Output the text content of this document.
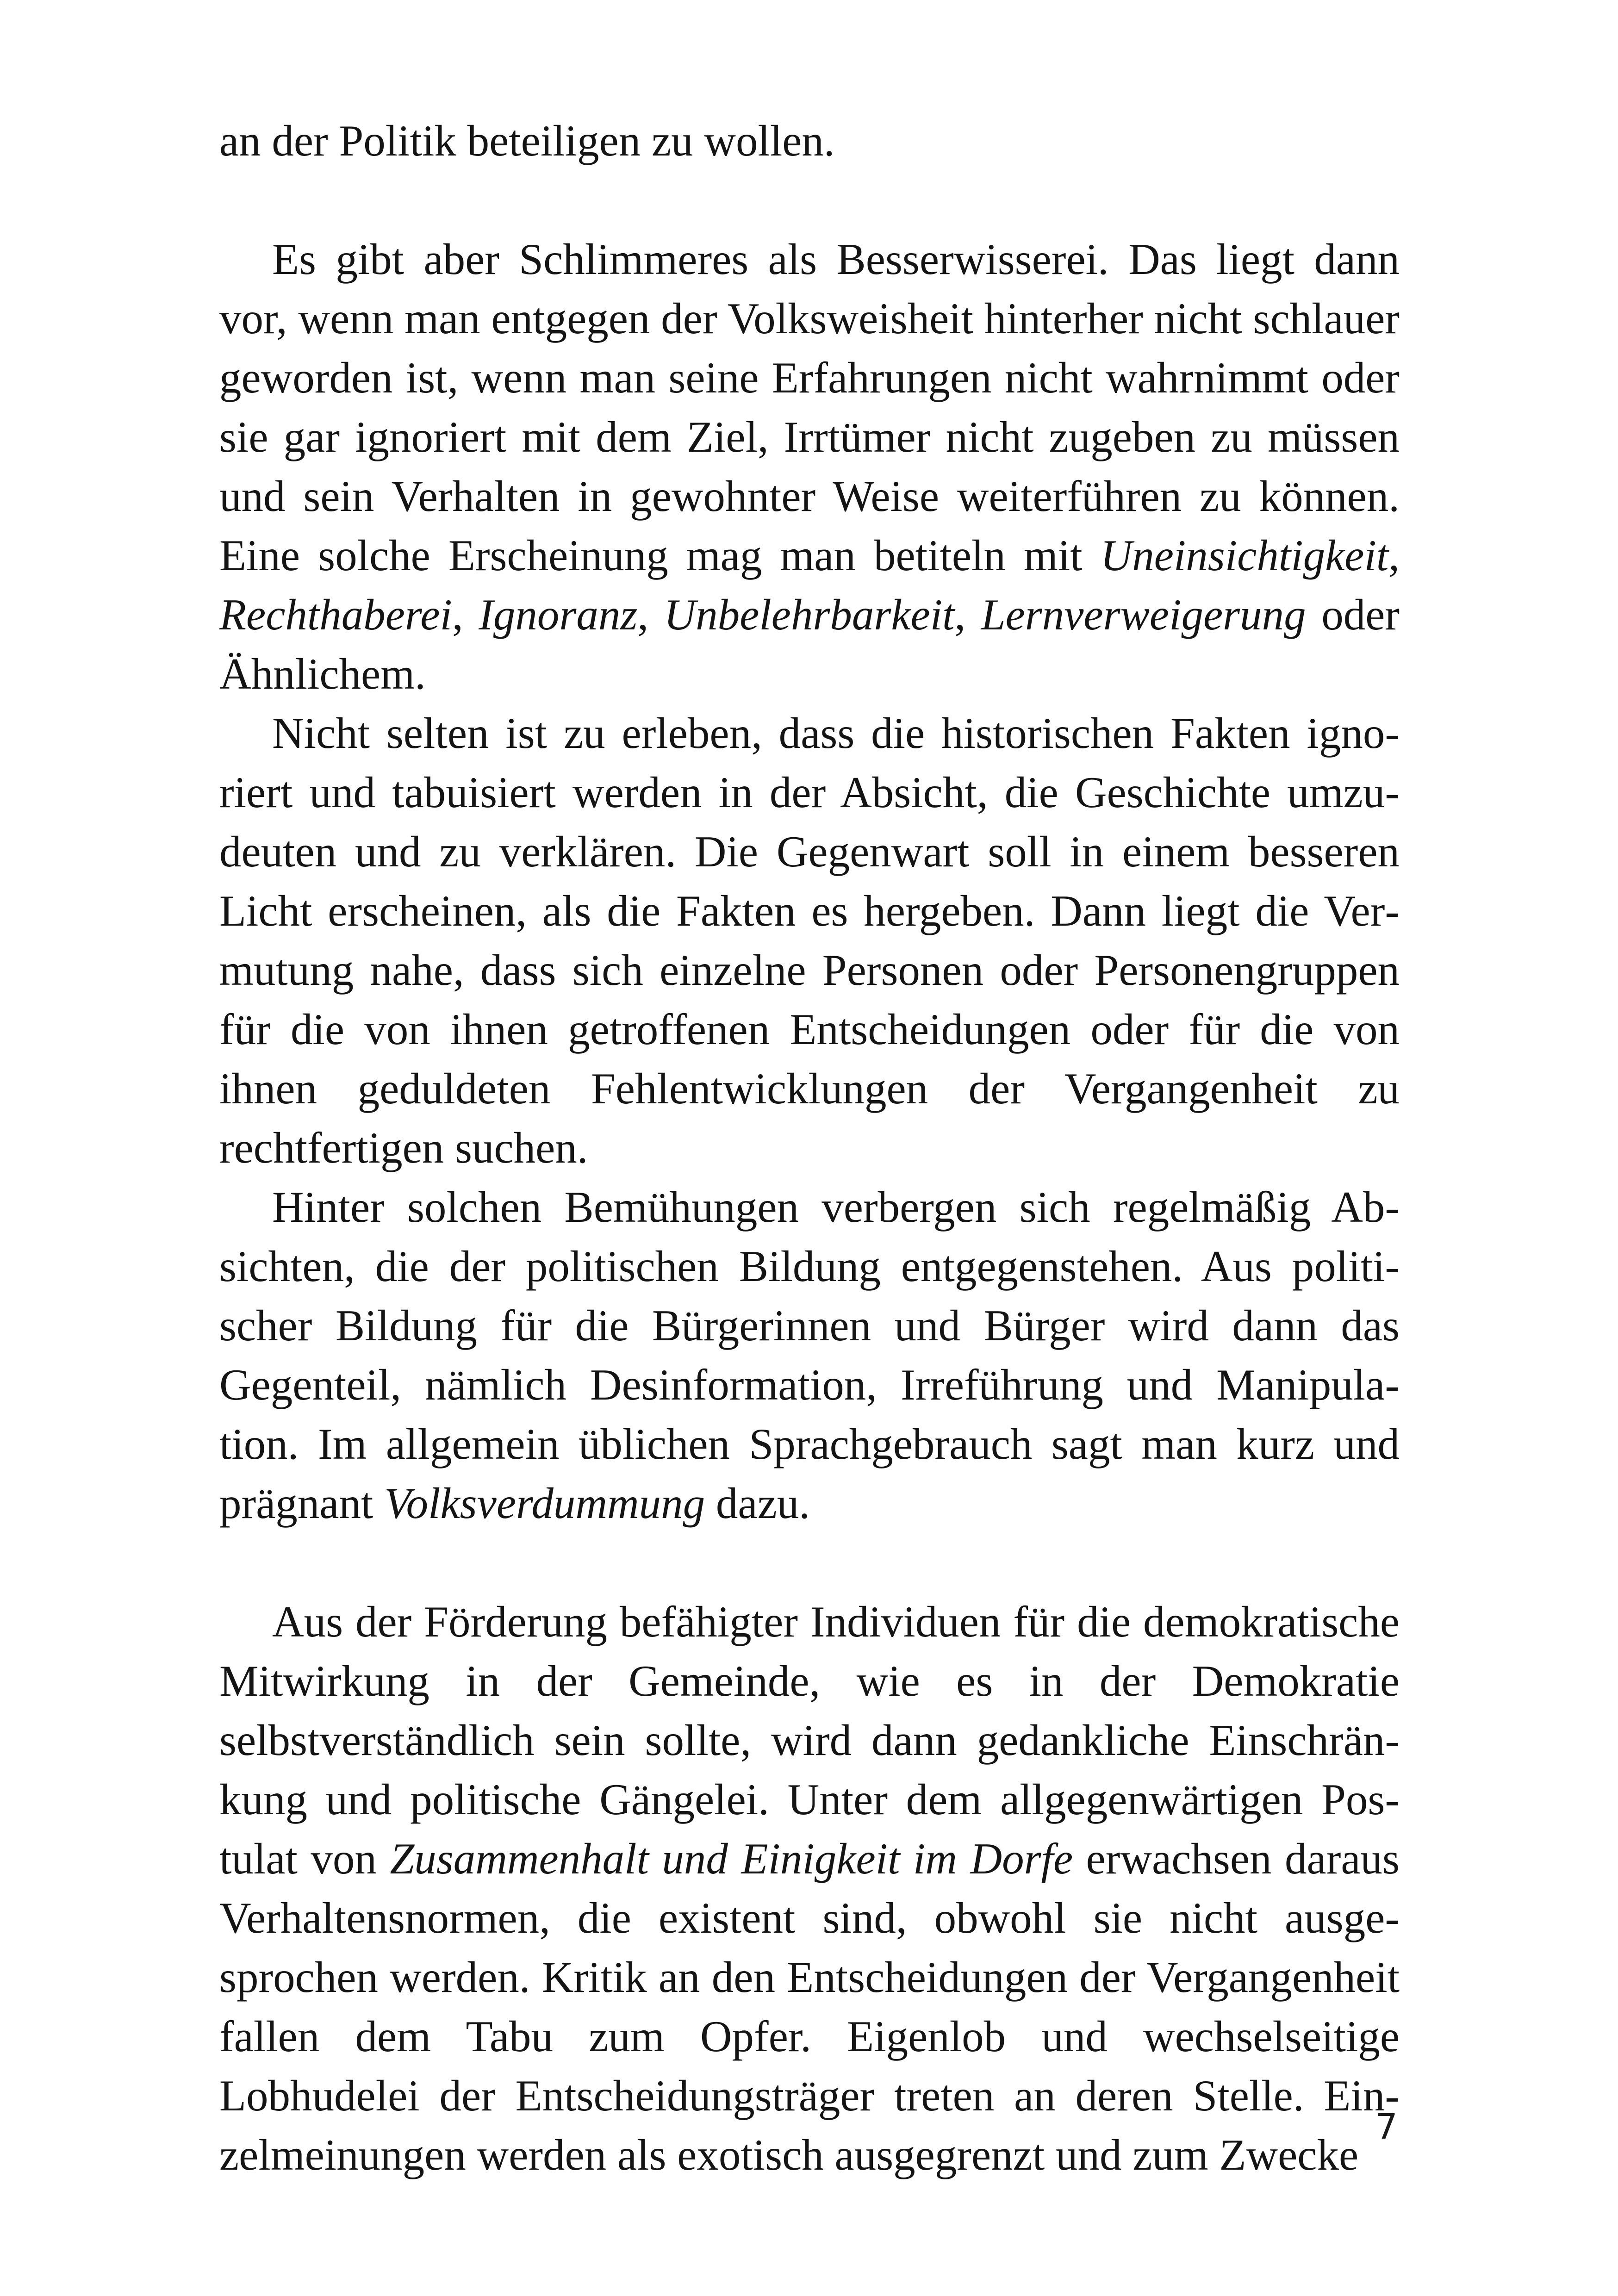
an der Politik beteiligen zu wollen.

Es gibt aber Schlimmeres als Besserwisserei. Das liegt dann vor, wenn man entgegen der Volksweisheit hinterher nicht schlauer geworden ist, wenn man seine Erfahrungen nicht wahrnimmt oder sie gar ignoriert mit dem Ziel, Irrtümer nicht zugeben zu müssen und sein Verhalten in gewohnter Weise weiterführen zu können. Eine solche Erscheinung mag man betiteln mit Uneinsichtigkeit, Rechthaberei, Ignoranz, Unbelehrbarkeit, Lernverweigerung oder Ähnlichem.

Nicht selten ist zu erleben, dass die historischen Fakten ignoriert und tabuisiert werden in der Absicht, die Geschichte umzudeuten und zu verklären. Die Gegenwart soll in einem besseren Licht erscheinen, als die Fakten es hergeben. Dann liegt die Vermutung nahe, dass sich einzelne Personen oder Personengruppen für die von ihnen getroffenen Entscheidungen oder für die von ihnen geduldeten Fehlentwicklungen der Vergangenheit zu rechtfertigen suchen.

Hinter solchen Bemühungen verbergen sich regelmäßig Absichten, die der politischen Bildung entgegenstehen. Aus politischer Bildung für die Bürgerinnen und Bürger wird dann das Gegenteil, nämlich Desinformation, Irreführung und Manipulation. Im allgemein üblichen Sprachgebrauch sagt man kurz und prägnant Volksverdummung dazu.

Aus der Förderung befähigter Individuen für die demokratische Mitwirkung in der Gemeinde, wie es in der Demokratie selbstverständlich sein sollte, wird dann gedankliche Einschränkung und politische Gängelei. Unter dem allgegenwärtigen Postulat von Zusammenhalt und Einigkeit im Dorfe erwachsen daraus Verhaltensnormen, die existent sind, obwohl sie nicht ausgesprochen werden. Kritik an den Entscheidungen der Vergangenheit fallen dem Tabu zum Opfer. Eigenlob und wechselseitige Lobhudelei der Entscheidungsträger treten an deren Stelle. Einzelmeinungen werden als exotisch ausgegrenzt und zum Zwecke

7
